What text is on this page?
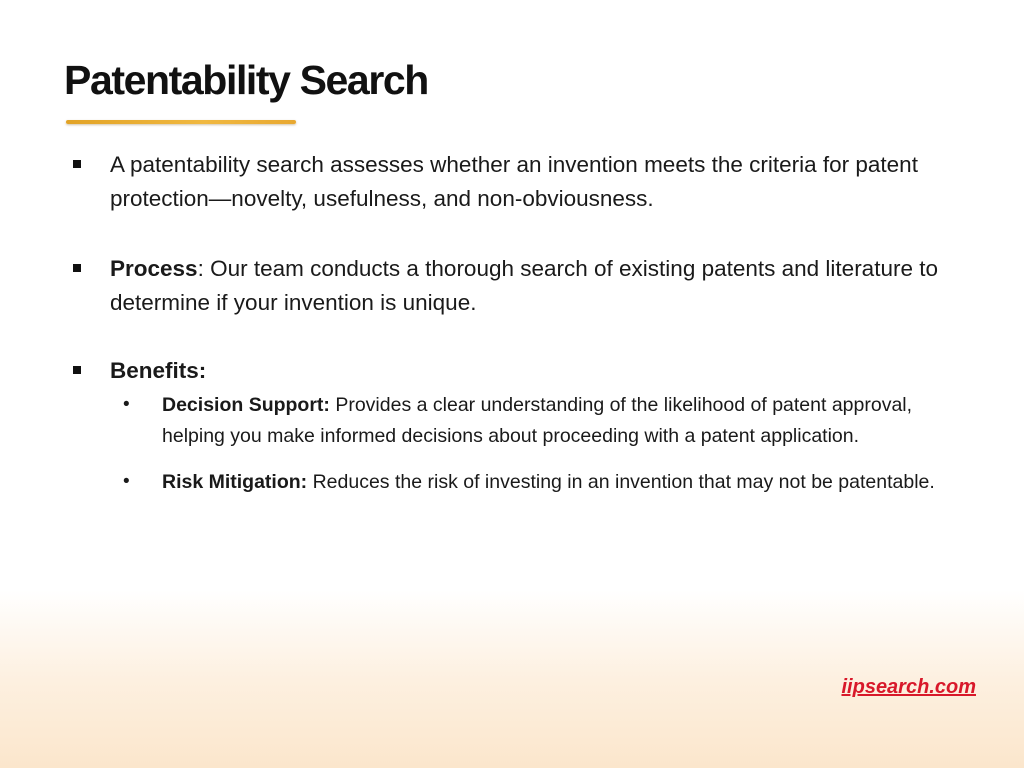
Patentability Search
A patentability search assesses whether an invention meets the criteria for patent protection—novelty, usefulness, and non-obviousness.
Process: Our team conducts a thorough search of existing patents and literature to determine if your invention is unique.
Benefits:
• Decision Support: Provides a clear understanding of the likelihood of patent approval, helping you make informed decisions about proceeding with a patent application.
• Risk Mitigation: Reduces the risk of investing in an invention that may not be patentable.
iipsearch.com
